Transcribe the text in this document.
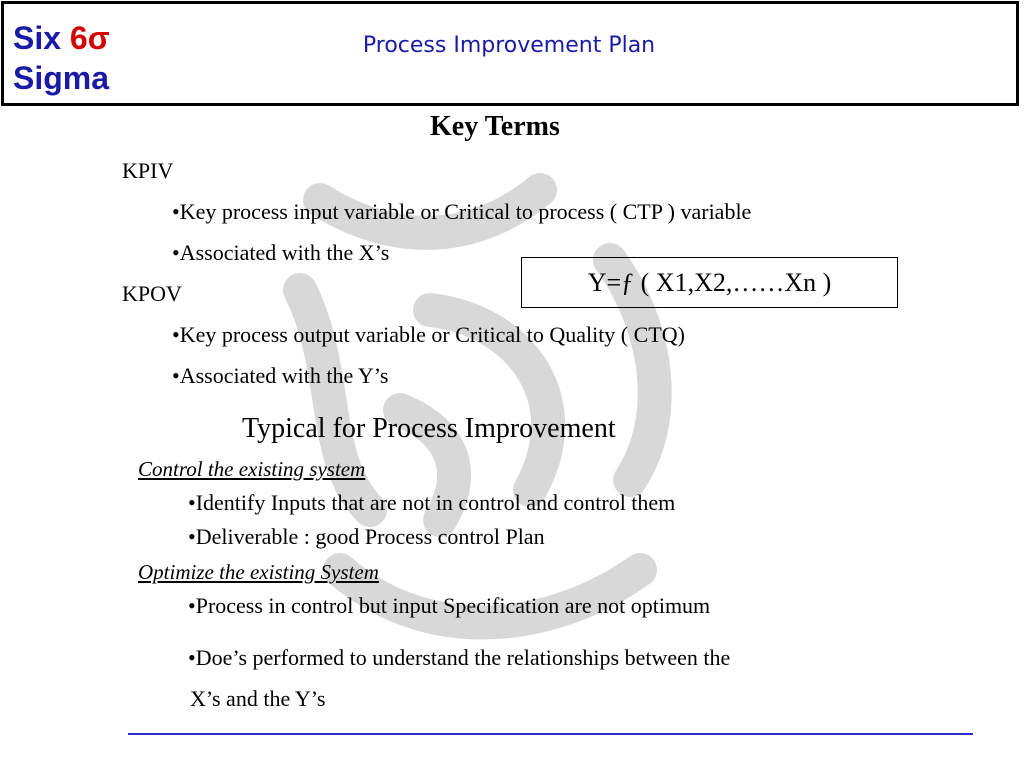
Six 6σ
Sigma
Process Improvement Plan
Key Terms
KPIV
•Key process input variable or Critical to process ( CTP ) variable
•Associated with the X’s
Y=ƒ ( X1,X2,……Xn )
KPOV
•Key process output variable or Critical to Quality ( CTQ)
•Associated with the Y’s
Typical for Process Improvement
Control the existing system
•Identify Inputs that are not in control and control them
•Deliverable : good Process control Plan
Optimize the existing System
•Process in control but input Specification are not optimum
•Doe’s performed to understand the relationships between the
X’s and the Y’s
